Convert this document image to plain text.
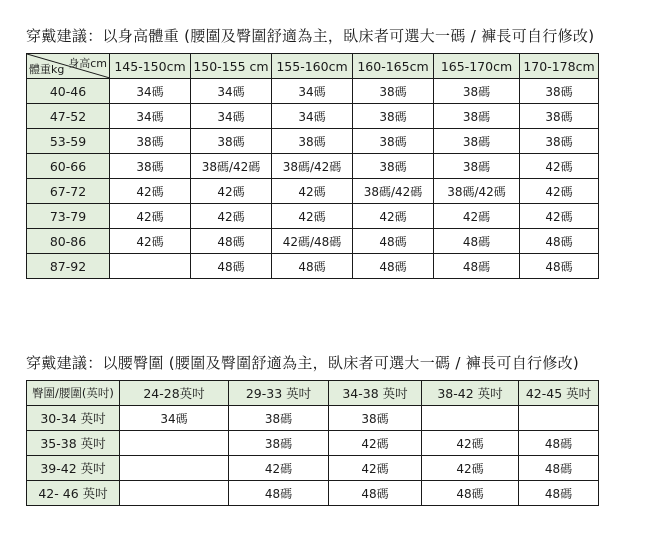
穿戴建議：以身高體重 (腰圍及臀圍舒適為主，臥床者可選大一碼 / 褲長可自行修改)
身高cm
體重kg	145-150cm	150-155 cm	155-160cm	160-165cm	165-170cm	170-178cm
40-46	34碼	34碼	34碼	38碼	38碼	38碼
47-52	34碼	34碼	34碼	38碼	38碼	38碼
53-59	38碼	38碼	38碼	38碼	38碼	38碼
60-66	38碼	38碼/42碼	38碼/42碼	38碼	38碼	42碼
67-72	42碼	42碼	42碼	38碼/42碼	38碼/42碼	42碼
73-79	42碼	42碼	42碼	42碼	42碼	42碼
80-86	42碼	48碼	42碼/48碼	48碼	48碼	48碼
87-92		48碼	48碼	48碼	48碼	48碼
穿戴建議：以腰臀圍 (腰圍及臀圍舒適為主，臥床者可選大一碼 / 褲長可自行修改)
臀圍/腰圍(英吋)	24-28英吋	29-33 英吋	34-38 英吋	38-42 英吋	42-45 英吋
30-34 英吋	34碼	38碼	38碼		
35-38 英吋		38碼	42碼	42碼	48碼
39-42 英吋		42碼	42碼	42碼	48碼
42- 46 英吋		48碼	48碼	48碼	48碼
